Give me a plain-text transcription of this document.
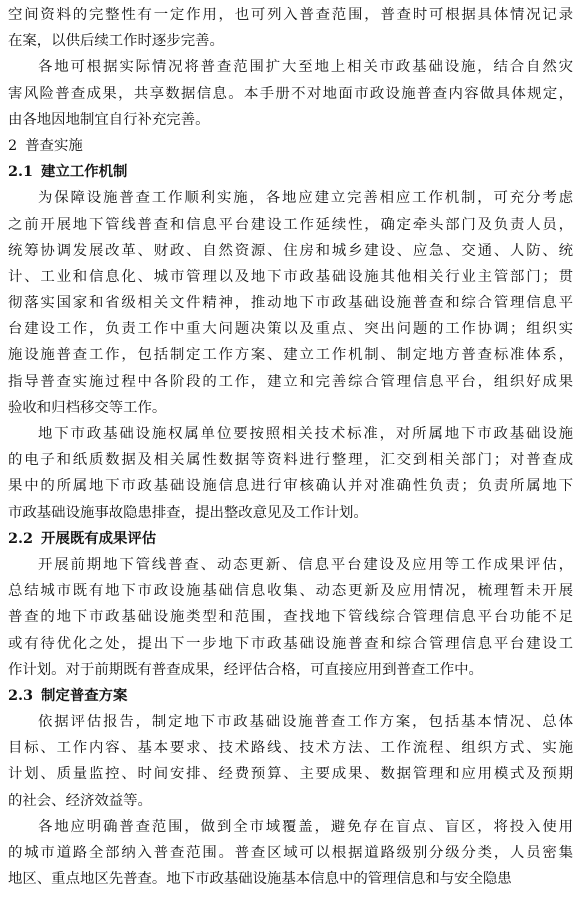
空间资料的完整性有一定作用，也可列入普查范围，普查时可根据具体情况记录
在案，以供后续工作时逐步完善。
各地可根据实际情况将普查范围扩大至地上相关市政基础设施，结合自然灾
害风险普查成果，共享数据信息。本手册不对地面市政设施普查内容做具体规定，
由各地因地制宜自行补充完善。
2 普查实施
2.1 建立工作机制
为保障设施普查工作顺利实施，各地应建立完善相应工作机制，可充分考虑
之前开展地下管线普查和信息平台建设工作延续性，确定牵头部门及负责人员，
统筹协调发展改革、财政、自然资源、住房和城乡建设、应急、交通、人防、统
计、工业和信息化、城市管理以及地下市政基础设施其他相关行业主管部门；贯
彻落实国家和省级相关文件精神，推动地下市政基础设施普查和综合管理信息平
台建设工作，负责工作中重大问题决策以及重点、突出问题的工作协调；组织实
施设施普查工作，包括制定工作方案、建立工作机制、制定地方普查标准体系，
指导普查实施过程中各阶段的工作，建立和完善综合管理信息平台，组织好成果
验收和归档移交等工作。
地下市政基础设施权属单位要按照相关技术标准，对所属地下市政基础设施
的电子和纸质数据及相关属性数据等资料进行整理，汇交到相关部门；对普查成
果中的所属地下市政基础设施信息进行审核确认并对准确性负责；负责所属地下
市政基础设施事故隐患排查，提出整改意见及工作计划。
2.2 开展既有成果评估
开展前期地下管线普查、动态更新、信息平台建设及应用等工作成果评估，
总结城市既有地下市政设施基础信息收集、动态更新及应用情况，梳理暂未开展
普查的地下市政基础设施类型和范围，查找地下管线综合管理信息平台功能不足
或有待优化之处，提出下一步地下市政基础设施普查和综合管理信息平台建设工
作计划。对于前期既有普查成果，经评估合格，可直接应用到普查工作中。
2.3 制定普查方案
依据评估报告，制定地下市政基础设施普查工作方案，包括基本情况、总体
目标、工作内容、基本要求、技术路线、技术方法、工作流程、组织方式、实施
计划、质量监控、时间安排、经费预算、主要成果、数据管理和应用模式及预期
的社会、经济效益等。
各地应明确普查范围，做到全市域覆盖，避免存在盲点、盲区，将投入使用
的城市道路全部纳入普查范围。普查区域可以根据道路级别分级分类，人员密集
地区、重点地区先普查。地下市政基础设施基本信息中的管理信息和与安全隐患
